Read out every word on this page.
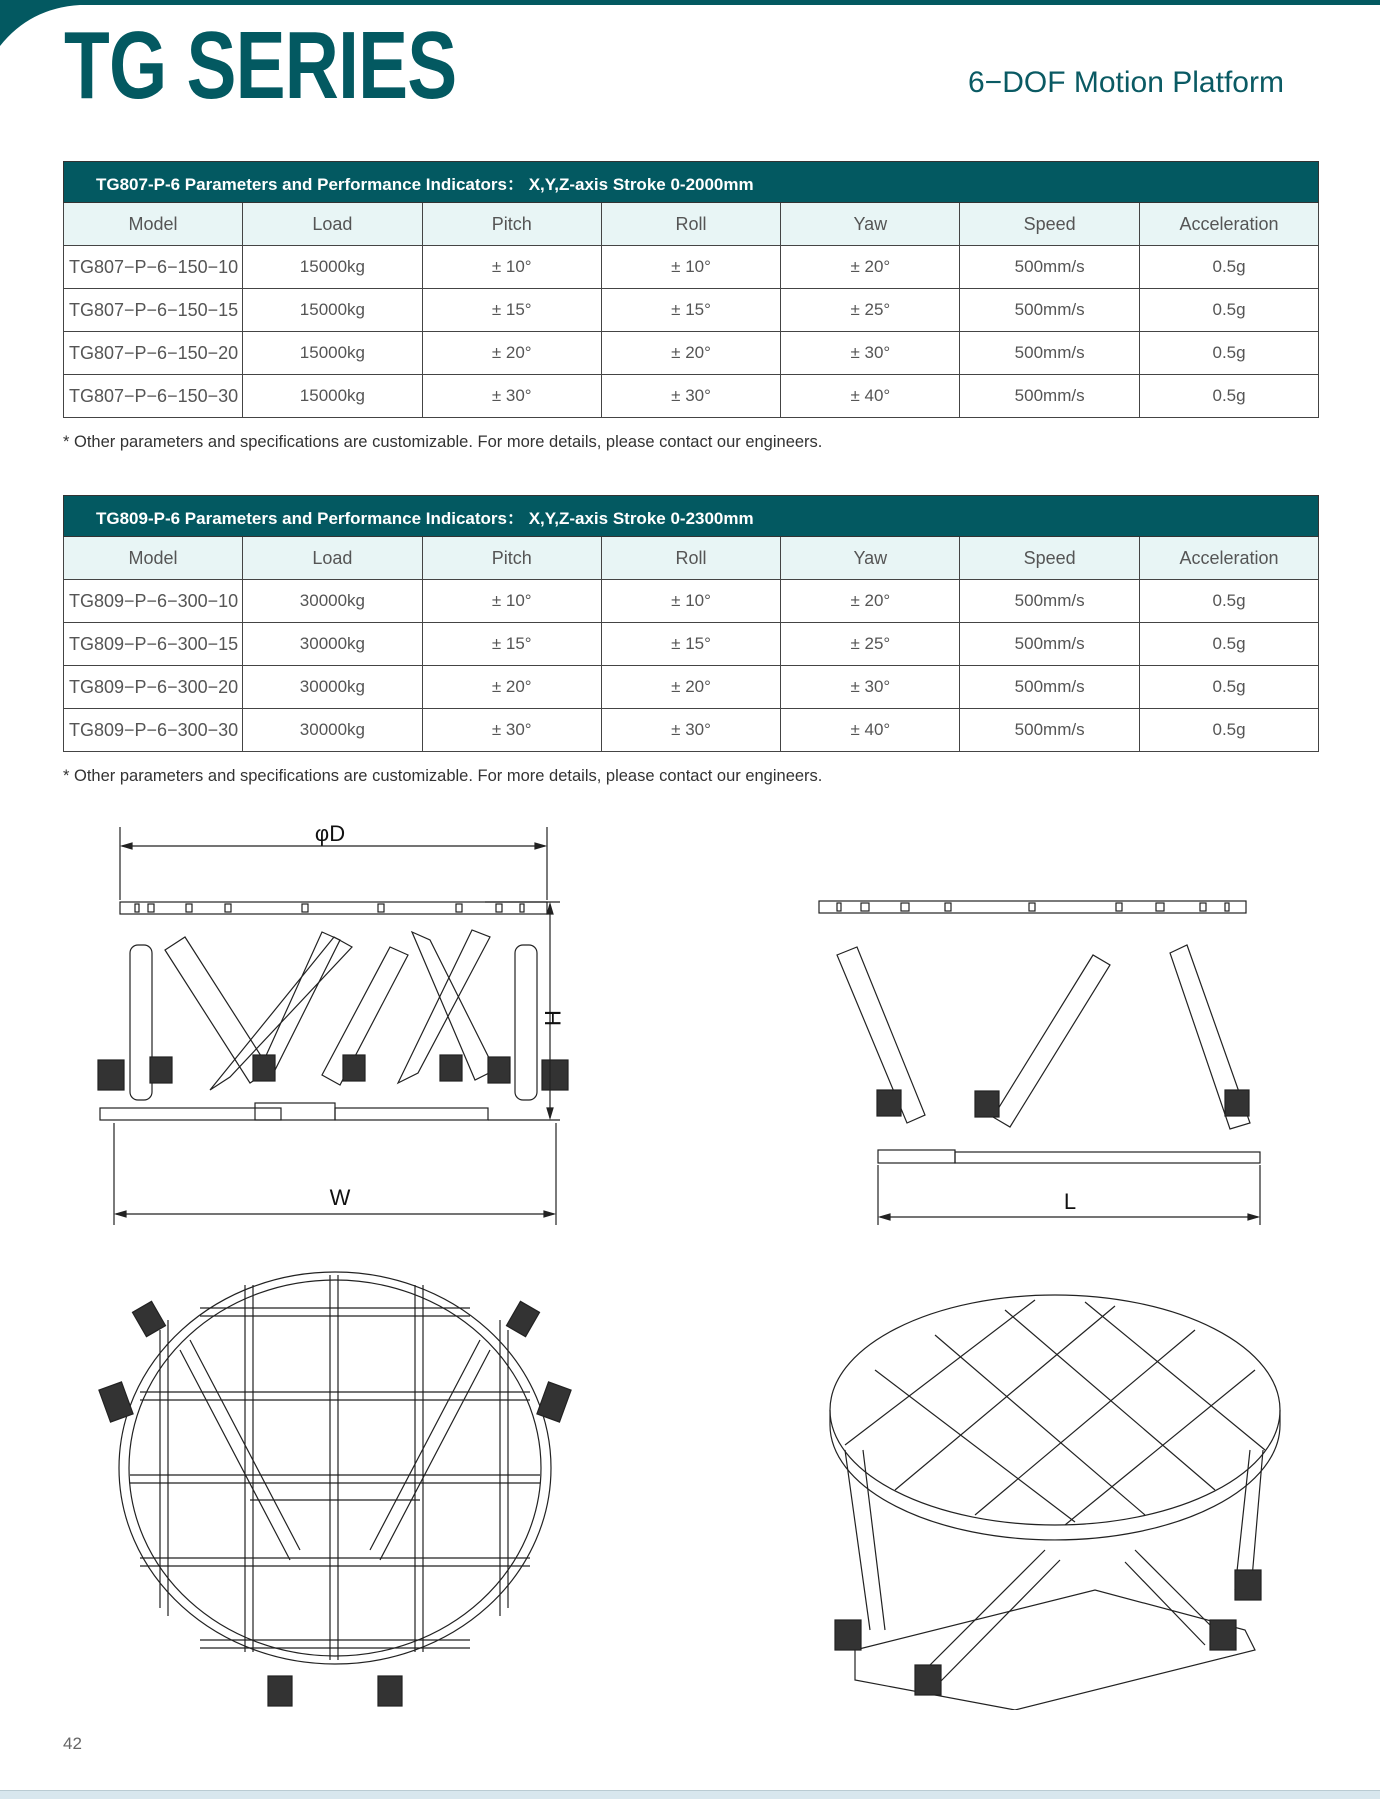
TG SERIES	6−DOF Motion Platform
TG807-P-6 Parameters and Performance Indicators： X,Y,Z-axis Stroke 0-2000mm						
Model	Load	Pitch	Roll	Yaw	Speed	Acceleration
TG807−P−6−150−10	15000kg	± 10°	± 10°	± 20°	500mm/s	0.5g
TG807−P−6−150−15	15000kg	± 15°	± 15°	± 25°	500mm/s	0.5g
TG807−P−6−150−20	15000kg	± 20°	± 20°	± 30°	500mm/s	0.5g
TG807−P−6−150−30	15000kg	± 30°	± 30°	± 40°	500mm/s	0.5g
* Other parameters and specifications are customizable. For more details, please contact our engineers.
TG809-P-6 Parameters and Performance Indicators： X,Y,Z-axis Stroke 0-2300mm						
Model	Load	Pitch	Roll	Yaw	Speed	Acceleration
TG809−P−6−300−10	30000kg	± 10°	± 10°	± 20°	500mm/s	0.5g
TG809−P−6−300−15	30000kg	± 15°	± 15°	± 25°	500mm/s	0.5g
TG809−P−6−300−20	30000kg	± 20°	± 20°	± 30°	500mm/s	0.5g
TG809−P−6−300−30	30000kg	± 30°	± 30°	± 40°	500mm/s	0.5g
* Other parameters and specifications are customizable. For more details, please contact our engineers.
φD
H
W	L
42
